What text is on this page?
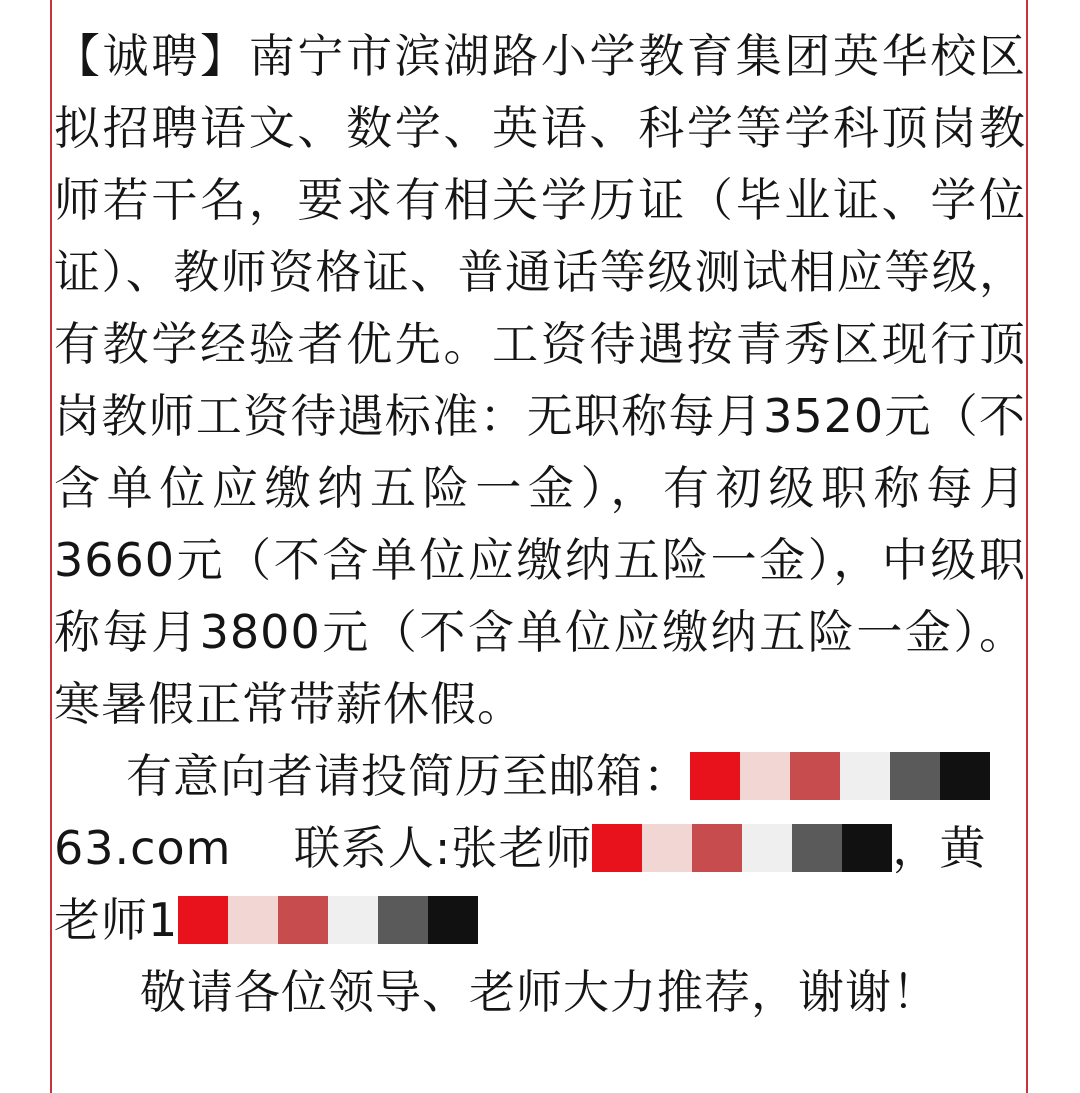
【诚聘】南宁市滨湖路小学教育集团英华校区拟招聘语文、数学、英语、科学等学科顶岗教师若干名，要求有相关学历证（毕业证、学位证）、教师资格证、普通话等级测试相应等级，有教学经验者优先。工资待遇按青秀区现行顶岗教师工资待遇标准：无职称每月3520元（不含单位应缴纳五险一金），有初级职称每月3660元（不含单位应缴纳五险一金），中级职称每月3800元（不含单位应缴纳五险一金）。寒暑假正常带薪休假。

有意向者请投简历至邮箱：
63.com 联系人:张老师	，黄老师1

敬请各位领导、老师大力推荐，谢谢！
